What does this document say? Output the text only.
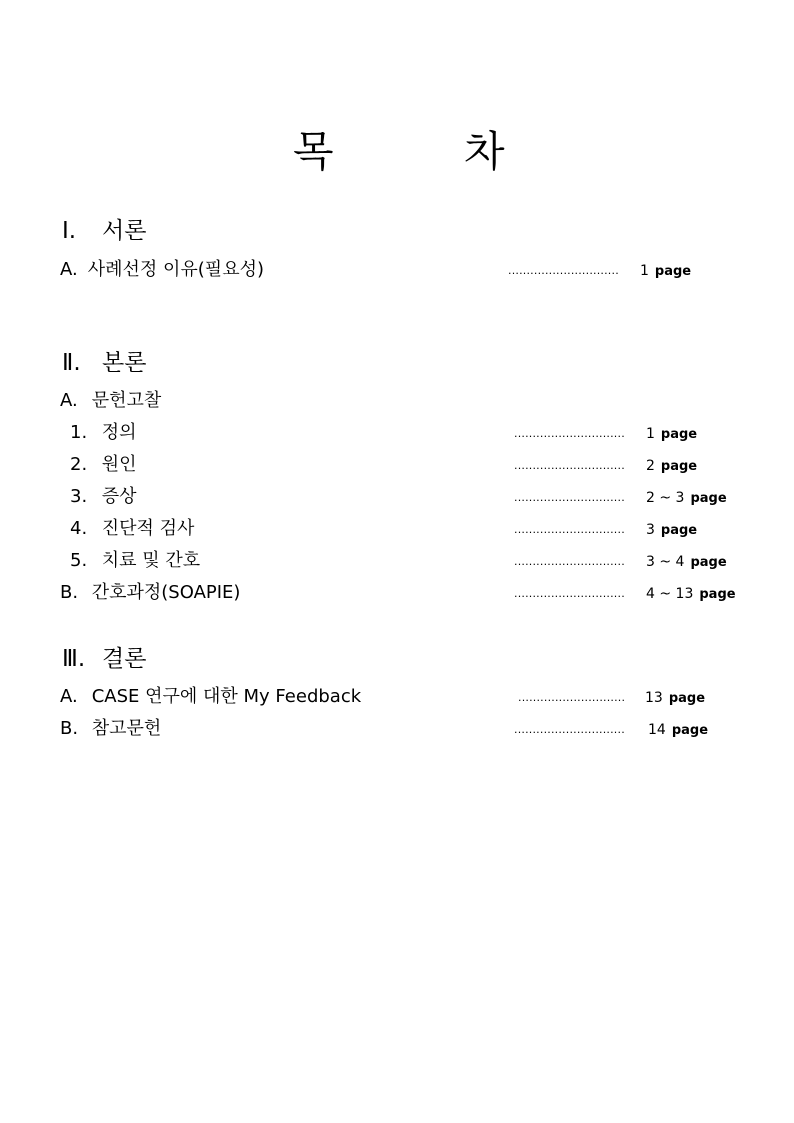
목	차
Ⅰ. 서론
A. 사례선정 이유(필요성)	.............................. 1 page
Ⅱ. 본론
A. 문헌고찰
1. 정의	.............................. 1 page
2. 원인	.............................. 2 page
3. 증상	.............................. 2 ~ 3 page
4. 진단적 검사	.............................. 3 page
5. 치료 및 간호	.............................. 3 ~ 4 page
B. 간호과정(SOAPIE)	.............................. 4 ~ 13 page
Ⅲ. 결론
A. CASE 연구에 대한 My Feedback	............................. 13 page
B. 참고문헌	.............................. 14 page
